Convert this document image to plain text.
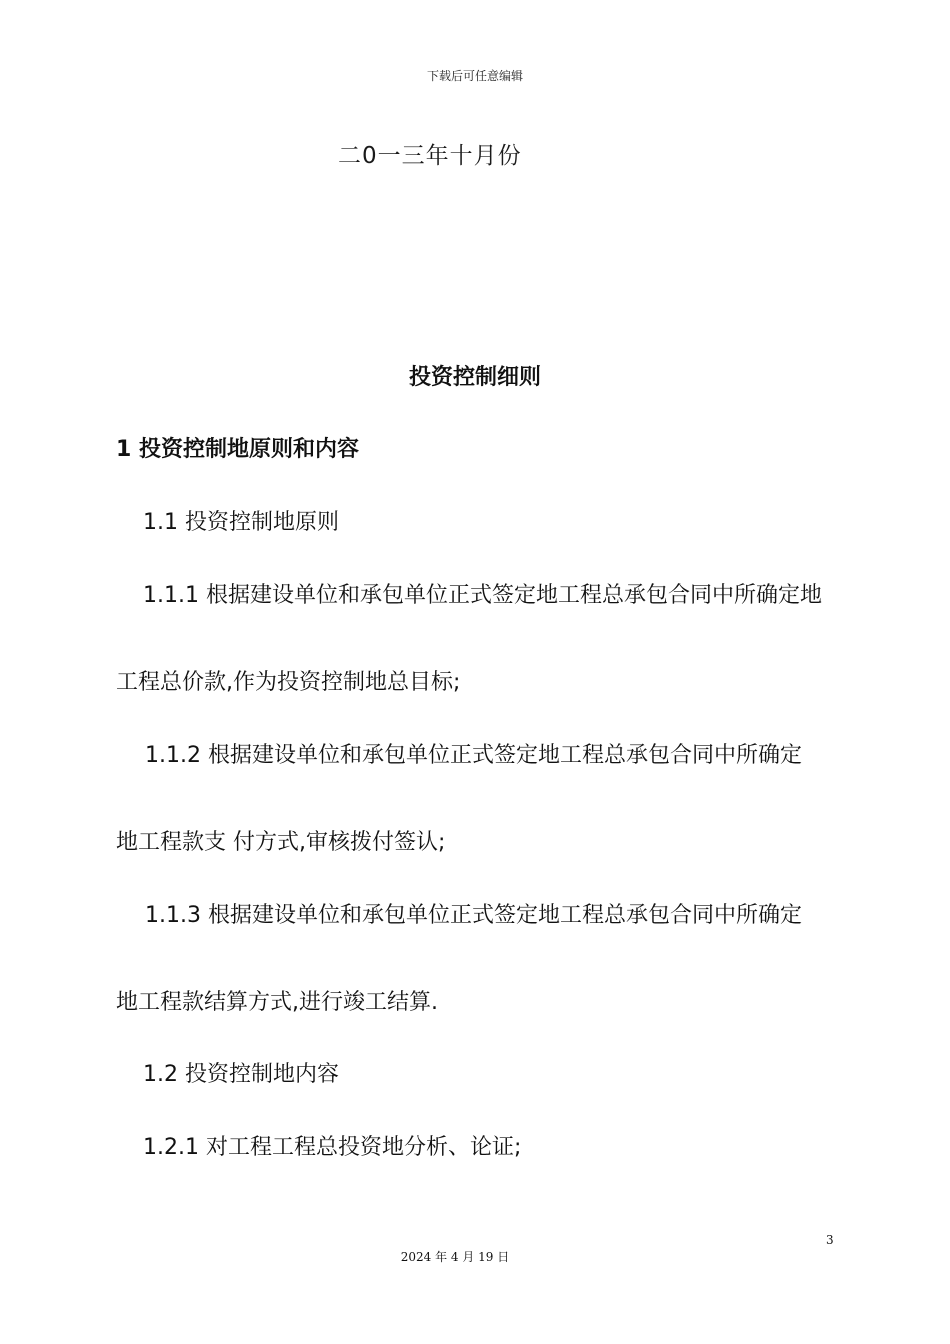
下载后可任意编辑
二0一三年十月份
投资控制细则
1 投资控制地原则和内容
1.1 投资控制地原则
1.1.1 根据建设单位和承包单位正式签定地工程总承包合同中所确定地
工程总价款,作为投资控制地总目标;
1.1.2 根据建设单位和承包单位正式签定地工程总承包合同中所确定
地工程款支 付方式,审核拨付签认;
1.1.3 根据建设单位和承包单位正式签定地工程总承包合同中所确定
地工程款结算方式,进行竣工结算.
1.2 投资控制地内容
1.2.1 对工程工程总投资地分析、论证;
3
2024 年 4 月 19 日
